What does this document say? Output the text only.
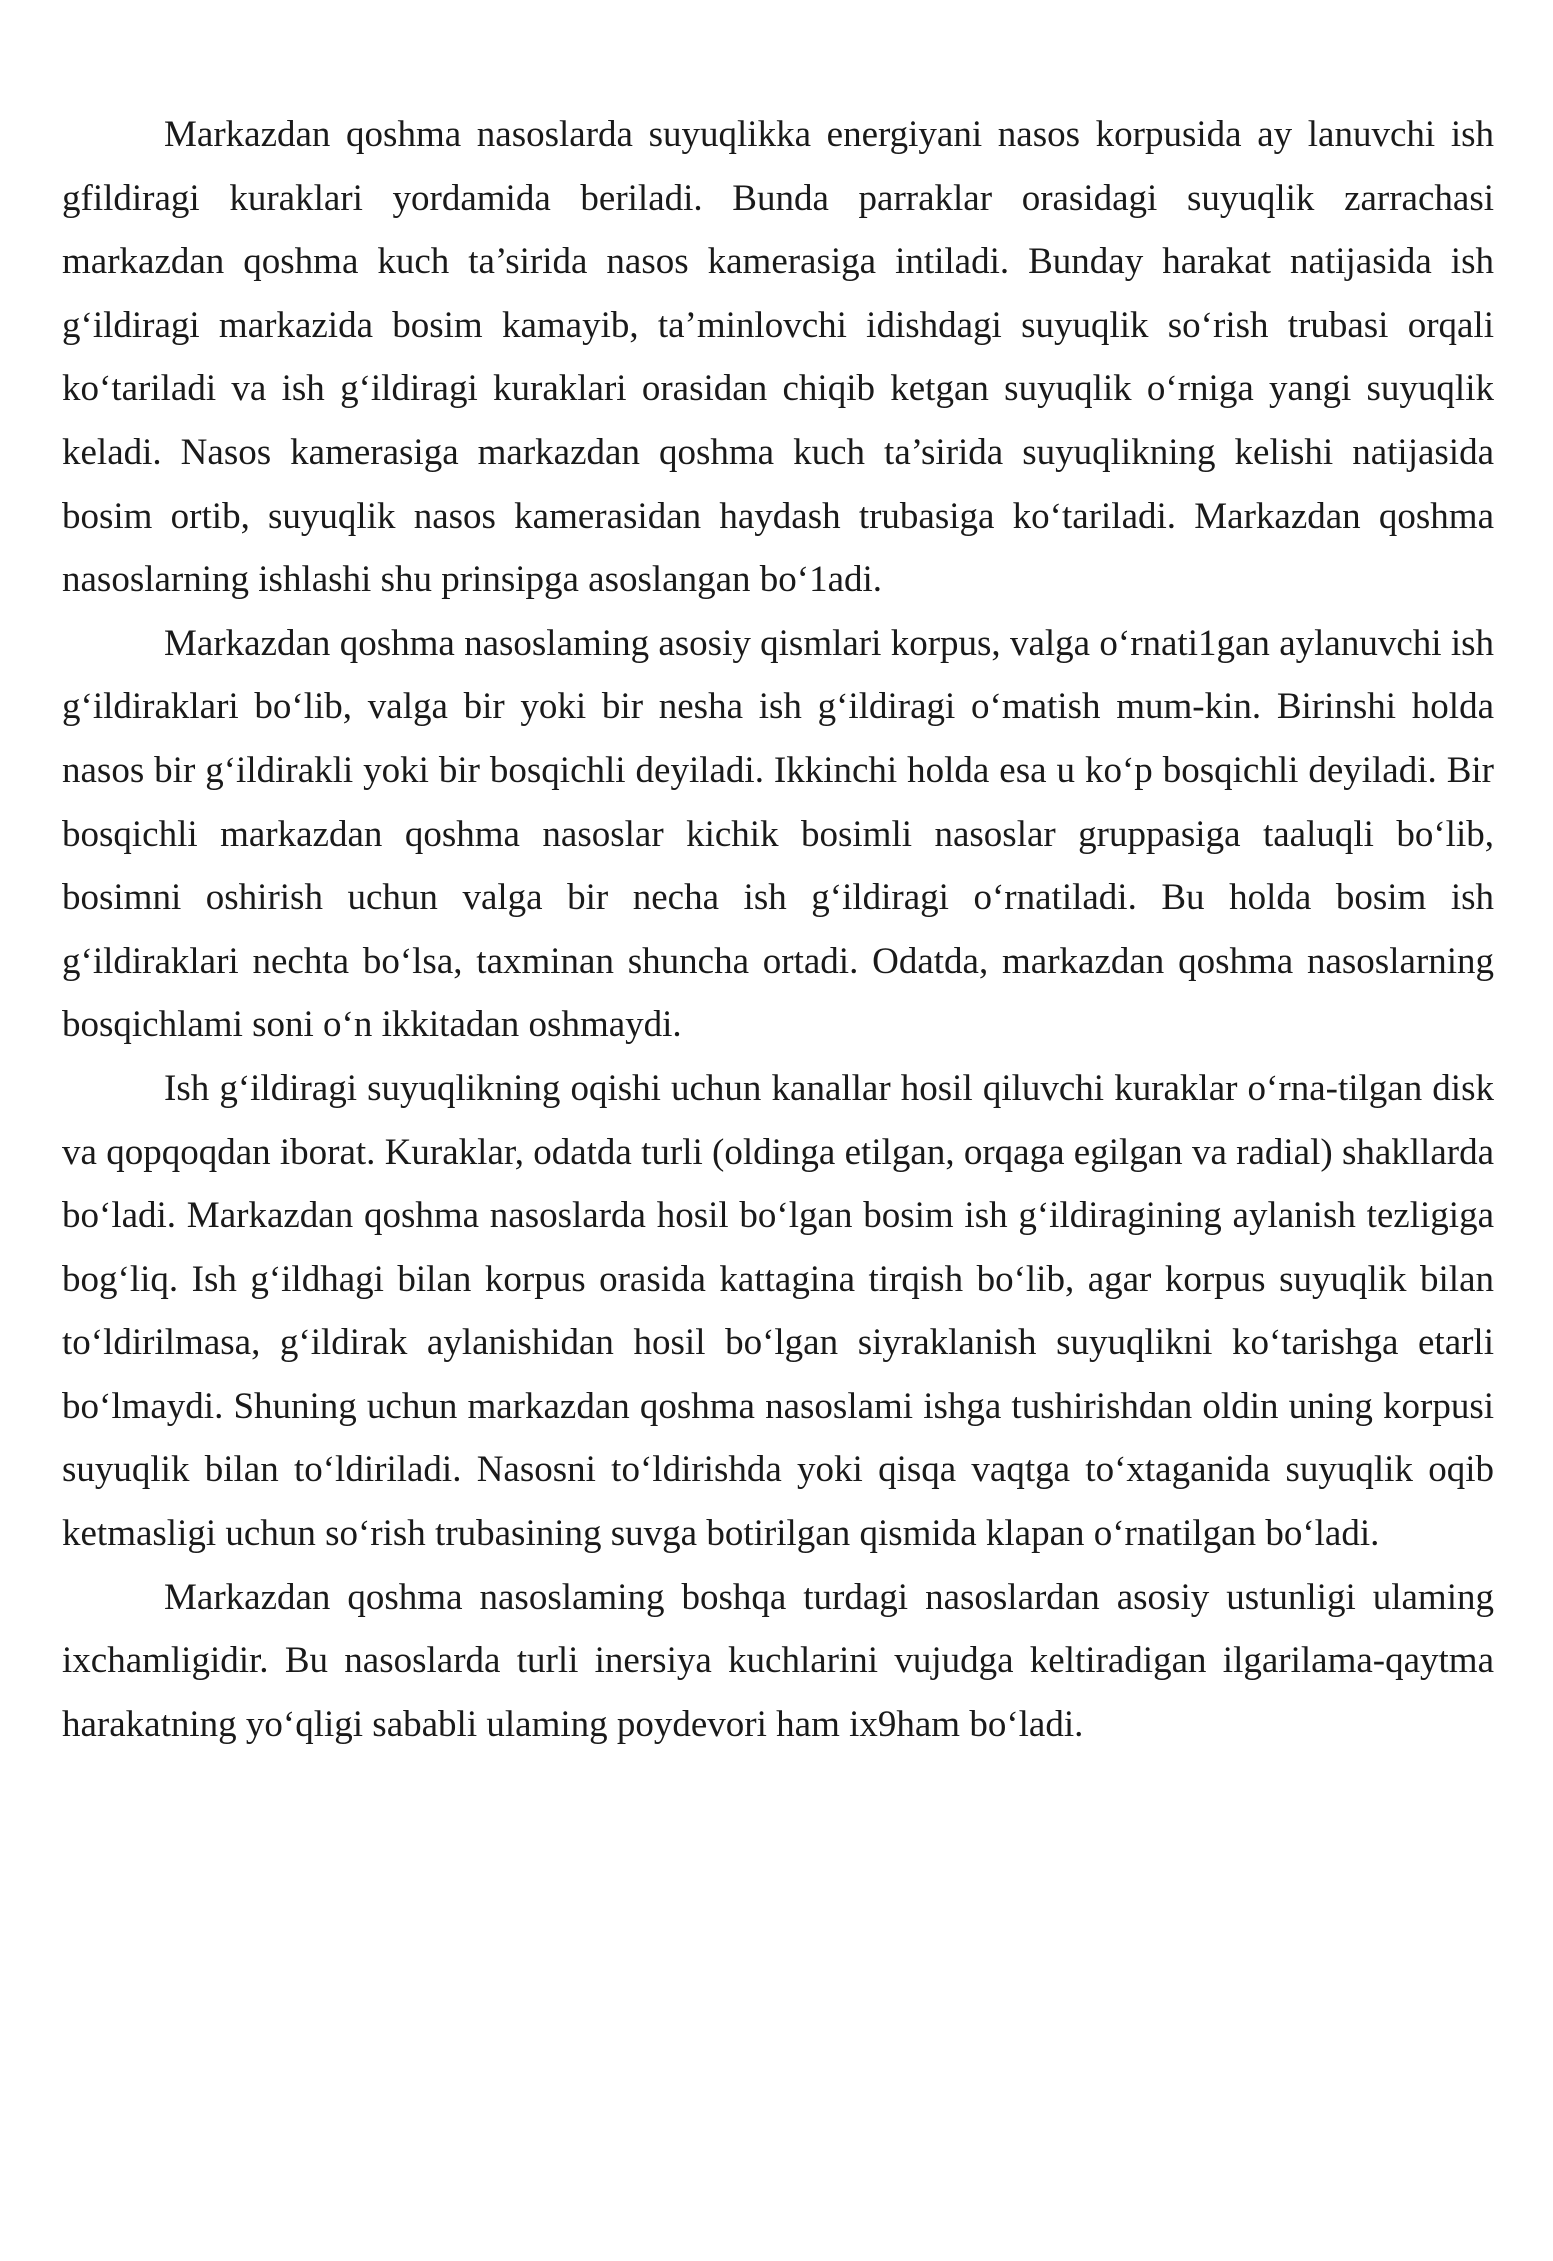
Markazdan qoshma nasoslarda suyuqlikka energiyani nasos korpusida ay lanuvchi ish gfildiragi kuraklari yordamida beriladi. Bunda parraklar orasidagi suyuqlik zarrachasi markazdan qoshma kuch ta’sirida nasos kamerasiga intiladi. Bunday harakat natijasida ish g‘ildiragi markazida bosim kamayib, ta’minlovchi idishdagi suyuqlik so‘rish trubasi orqali ko‘tariladi va ish g‘ildiragi kuraklari orasidan chiqib ketgan suyuqlik o‘rniga yangi suyuqlik keladi. Nasos kamerasiga markazdan qoshma kuch ta’sirida suyuqlikning kelishi natijasida bosim ortib, suyuqlik nasos kamerasidan haydash trubasiga ko‘tariladi. Markazdan qoshma nasoslarning ishlashi shu prinsipga asoslangan bo‘1adi.

Markazdan qoshma nasoslaming asosiy qismlari korpus, valga o‘rnati1gan aylanuvchi ish g‘ildiraklari bo‘lib, valga bir yoki bir nesha ish g‘ildiragi o‘matish mum-kin. Birinshi holda nasos bir g‘ildirakli yoki bir bosqichli deyiladi. Ikkinchi holda esa u ko‘p bosqichli deyiladi. Bir bosqichli markazdan qoshma nasoslar kichik bosimli nasoslar gruppasiga taaluqli bo‘lib, bosimni oshirish uchun valga bir necha ish g‘ildiragi o‘rnatiladi. Bu holda bosim ish g‘ildiraklari nechta bo‘lsa, taxminan shuncha ortadi. Odatda, markazdan qoshma nasoslarning bosqichlami soni o‘n ikkitadan oshmaydi.

Ish g‘ildiragi suyuqlikning oqishi uchun kanallar hosil qiluvchi kuraklar o‘rna-tilgan disk va qopqoqdan iborat. Kuraklar, odatda turli (oldinga etilgan, orqaga egilgan va radial) shakllarda bo‘ladi. Markazdan qoshma nasoslarda hosil bo‘lgan bosim ish g‘ildiragining aylanish tezligiga bog‘liq. Ish g‘ildhagi bilan korpus orasida kattagina tirqish bo‘lib, agar korpus suyuqlik bilan to‘ldirilmasa, g‘ildirak aylanishidan hosil bo‘lgan siyraklanish suyuqlikni ko‘tarishga etarli bo‘lmaydi. Shuning uchun markazdan qoshma nasoslami ishga tushirishdan oldin uning korpusi suyuqlik bilan to‘ldiriladi. Nasosni to‘ldirishda yoki qisqa vaqtga to‘xtaganida suyuqlik oqib ketmasligi uchun so‘rish trubasining suvga botirilgan qismida klapan o‘rnatilgan bo‘ladi.

Markazdan qoshma nasoslaming boshqa turdagi nasoslardan asosiy ustunligi ulaming ixchamligidir. Bu nasoslarda turli inersiya kuchlarini vujudga keltiradigan ilgarilama-qaytma harakatning yo‘qligi sababli ulaming poydevori ham ix9ham bo‘ladi.
